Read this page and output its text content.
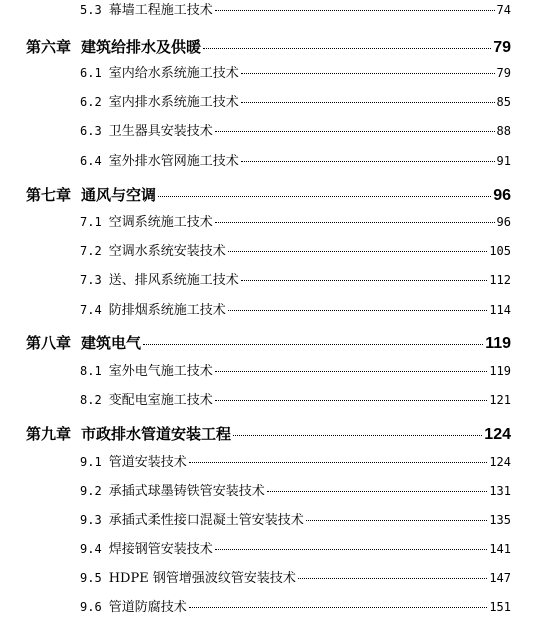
5.3 幕墙工程施工技术	74
第六章 建筑给排水及供暖	79
6.1 室内给水系统施工技术	79
6.2 室内排水系统施工技术	85
6.3 卫生器具安装技术	88
6.4 室外排水管网施工技术	91
第七章 通风与空调	96
7.1 空调系统施工技术	96
7.2 空调水系统安装技术	105
7.3 送、排风系统施工技术	112
7.4 防排烟系统施工技术	114
第八章 建筑电气	119
8.1 室外电气施工技术	119
8.2 变配电室施工技术	121
第九章 市政排水管道安装工程	124
9.1 管道安装技术	124
9.2 承插式球墨铸铁管安装技术	131
9.3 承插式柔性接口混凝土管安装技术	135
9.4 焊接钢管安装技术	141
9.5 HDPE 钢管增强波纹管安装技术	147
9.6 管道防腐技术	151
